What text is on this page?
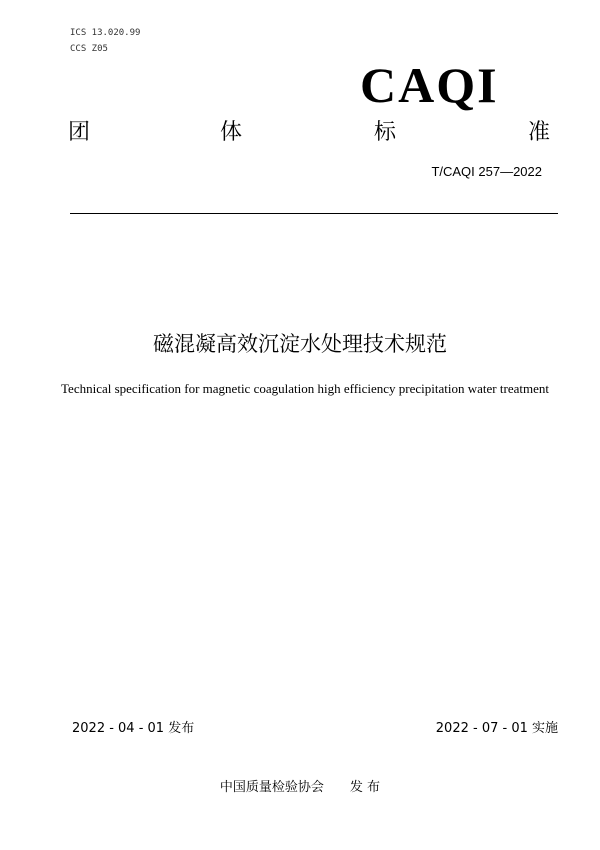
ICS 13.020.99
CCS Z05
CAQI
团	体	标	准
T/CAQI 257—2022
磁混凝高效沉淀水处理技术规范
Technical specification for magnetic coagulation high efficiency precipitation water treatment
2022 - 04 - 01 发布	2022 - 07 - 01 实施
中国质量检验协会　　发 布
